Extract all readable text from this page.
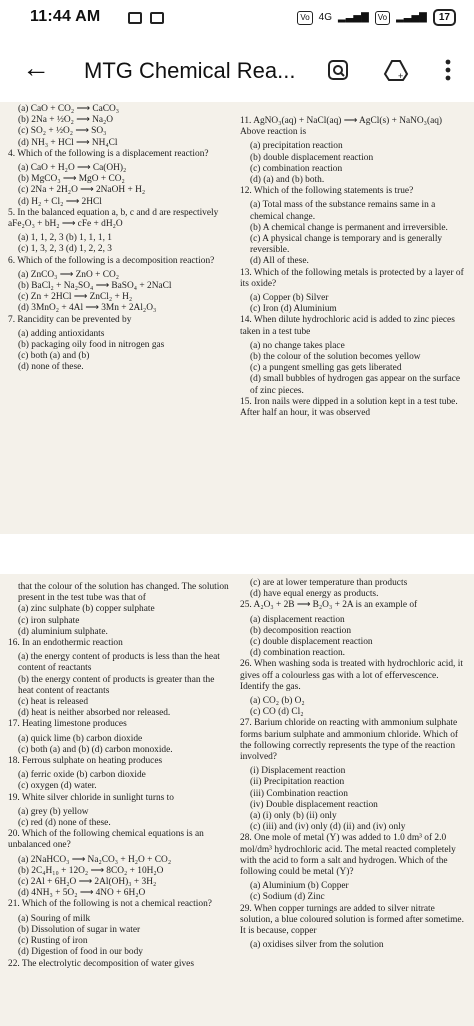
11:44 AM	Vo 4G ▂▃▅▇	Vo ▂▃▅▇	17
← MTG Chemical Rea...	+
(a) CaO + CO₂ ⟶ CaCO₃
(b) 2Na + ½O₂ ⟶ Na₂O
(c) SO₂ + ½O₂ ⟶ SO₃
(d) NH₃ + HCl ⟶ NH₄Cl
4. Which of the following is a displacement reaction?
(a) CaO + H₂O ⟶ Ca(OH)₂
(b) MgCO₃ ⟶ MgO + CO₂
(c) 2Na + 2H₂O ⟶ 2NaOH + H₂
(d) H₂ + Cl₂ ⟶ 2HCl
5. In the balanced equation a, b, c and d are respectively aFe₂O₃ + bH₂ ⟶ cFe + dH₂O
(a) 1, 1, 2, 3 (b) 1, 1, 1, 1
(c) 1, 3, 2, 3 (d) 1, 2, 2, 3
6. Which of the following is a decomposition reaction?
(a) ZnCO₃ ⟶ ZnO + CO₂
(b) BaCl₂ + Na₂SO₄ ⟶ BaSO₄ + 2NaCl
(c) Zn + 2HCl ⟶ ZnCl₂ + H₂
(d) 3MnO₂ + 4Al ⟶ 3Mn + 2Al₂O₃
7. Rancidity can be prevented by
(a) adding antioxidants
(b) packaging oily food in nitrogen gas
(c) both (a) and (b)
(d) none of these.
11. AgNO₃(aq) + NaCl(aq) ⟶ AgCl(s) + NaNO₃(aq) Above reaction is
(a) precipitation reaction
(b) double displacement reaction
(c) combination reaction
(d) (a) and (b) both.
12. Which of the following statements is true?
(a) Total mass of the substance remains same in a chemical change.
(b) A chemical change is permanent and irreversible.
(c) A physical change is temporary and is generally reversible.
(d) All of these.
13. Which of the following metals is protected by a layer of its oxide?
(a) Copper (b) Silver
(c) Iron (d) Aluminium
14. When dilute hydrochloric acid is added to zinc pieces taken in a test tube
(a) no change takes place
(b) the colour of the solution becomes yellow
(c) a pungent smelling gas gets liberated
(d) small bubbles of hydrogen gas appear on the surface of zinc pieces.
15. Iron nails were dipped in a solution kept in a test tube. After half an hour, it was observed
that the colour of the solution has changed. The solution present in the test tube was that of
(a) zinc sulphate (b) copper sulphate
(c) iron sulphate
(d) aluminium sulphate.
16. In an endothermic reaction
(a) the energy content of products is less than the heat content of reactants
(b) the energy content of products is greater than the heat content of reactants
(c) heat is released
(d) heat is neither absorbed nor released.
17. Heating limestone produces
(a) quick lime (b) carbon dioxide
(c) both (a) and (b) (d) carbon monoxide.
18. Ferrous sulphate on heating produces
(a) ferric oxide (b) carbon dioxide
(c) oxygen (d) water.
19. White silver chloride in sunlight turns to
(a) grey (b) yellow
(c) red (d) none of these.
20. Which of the following chemical equations is an unbalanced one?
(a) 2NaHCO₃ ⟶ Na₂CO₃ + H₂O + CO₂
(b) 2C₄H₁₀ + 12O₂ ⟶ 8CO₂ + 10H₂O
(c) 2Al + 6H₂O ⟶ 2Al(OH)₃ + 3H₂
(d) 4NH₃ + 5O₂ ⟶ 4NO + 6H₂O
21. Which of the following is not a chemical reaction?
(a) Souring of milk
(b) Dissolution of sugar in water
(c) Rusting of iron
(d) Digestion of food in our body
22. The electrolytic decomposition of water gives
(c) are at lower temperature than products
(d) have equal energy as products.
25. A₂O₃ + 2B ⟶ B₂O₃ + 2A is an example of
(a) displacement reaction
(b) decomposition reaction
(c) double displacement reaction
(d) combination reaction.
26. When washing soda is treated with hydrochloric acid, it gives off a colourless gas with a lot of effervescence. Identify the gas.
(a) CO₂ (b) O₂
(c) CO (d) Cl₂
27. Barium chloride on reacting with ammonium sulphate forms barium sulphate and ammonium chloride. Which of the following correctly represents the type of the reaction involved?
(i) Displacement reaction
(ii) Precipitation reaction
(iii) Combination reaction
(iv) Double displacement reaction
(a) (i) only (b) (ii) only
(c) (iii) and (iv) only (d) (ii) and (iv) only
28. One mole of metal (Y) was added to 1.0 dm³ of 2.0 mol/dm³ hydrochloric acid. The metal reacted completely with the acid to form a salt and hydrogen. Which of the following could be metal (Y)?
(a) Aluminium (b) Copper
(c) Sodium (d) Zinc
29. When copper turnings are added to silver nitrate solution, a blue coloured solution is formed after sometime. It is because, copper
(a) oxidises silver from the solution
